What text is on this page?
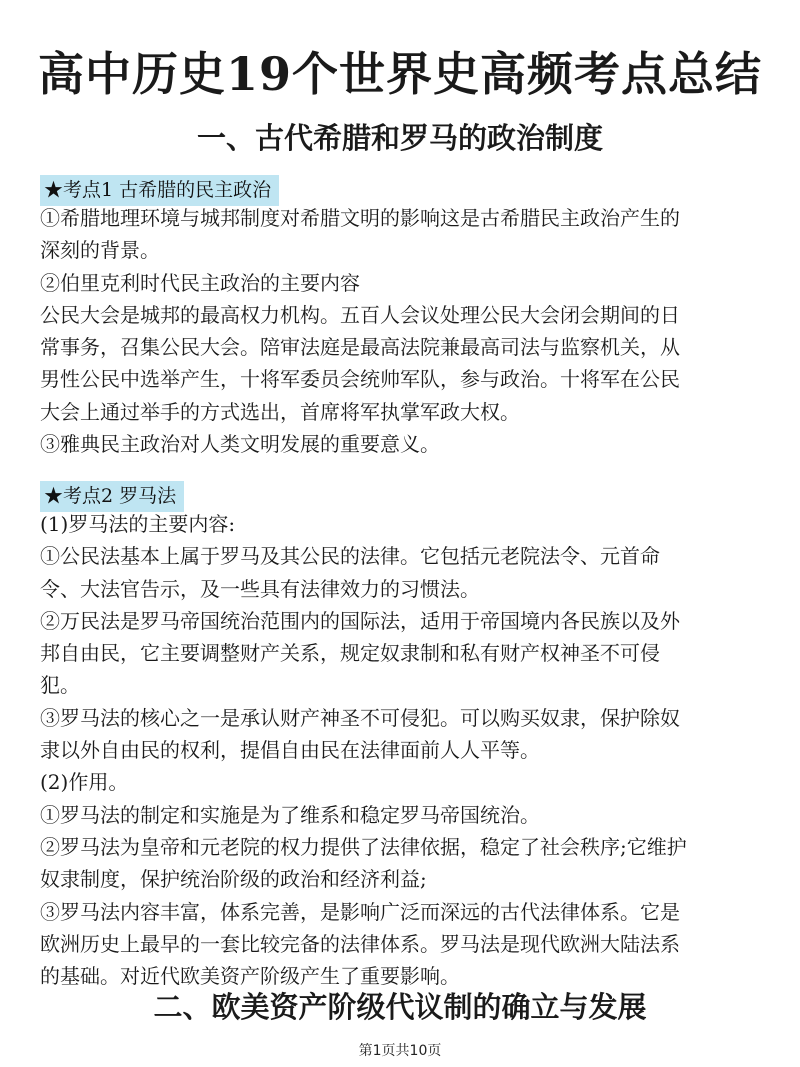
高中历史19个世界史高频考点总结
一、古代希腊和罗马的政治制度
★考点1 古希腊的民主政治

①希腊地理环境与城邦制度对希腊文明的影响这是古希腊民主政治产生的

深刻的背景。

②伯里克利时代民主政治的主要内容

公民大会是城邦的最高权力机构。五百人会议处理公民大会闭会期间的日

常事务，召集公民大会。陪审法庭是最高法院兼最高司法与监察机关，从

男性公民中选举产生，十将军委员会统帅军队，参与政治。十将军在公民

大会上通过举手的方式选出，首席将军执掌军政大权。

③雅典民主政治对人类文明发展的重要意义。

★考点2 罗马法

(1)罗马法的主要内容:

①公民法基本上属于罗马及其公民的法律。它包括元老院法令、元首命

令、大法官告示，及一些具有法律效力的习惯法。

②万民法是罗马帝国统治范围内的国际法，适用于帝国境内各民族以及外

邦自由民，它主要调整财产关系，规定奴隶制和私有财产权神圣不可侵

犯。

③罗马法的核心之一是承认财产神圣不可侵犯。可以购买奴隶，保护除奴

隶以外自由民的权利，提倡自由民在法律面前人人平等。

(2)作用。

①罗马法的制定和实施是为了维系和稳定罗马帝国统治。

②罗马法为皇帝和元老院的权力提供了法律依据，稳定了社会秩序;它维护

奴隶制度，保护统治阶级的政治和经济利益;

③罗马法内容丰富，体系完善，是影响广泛而深远的古代法律体系。它是

欧洲历史上最早的一套比较完备的法律体系。罗马法是现代欧洲大陆法系

的基础。对近代欧美资产阶级产生了重要影响。

二、欧美资产阶级代议制的确立与发展
第1页共10页
